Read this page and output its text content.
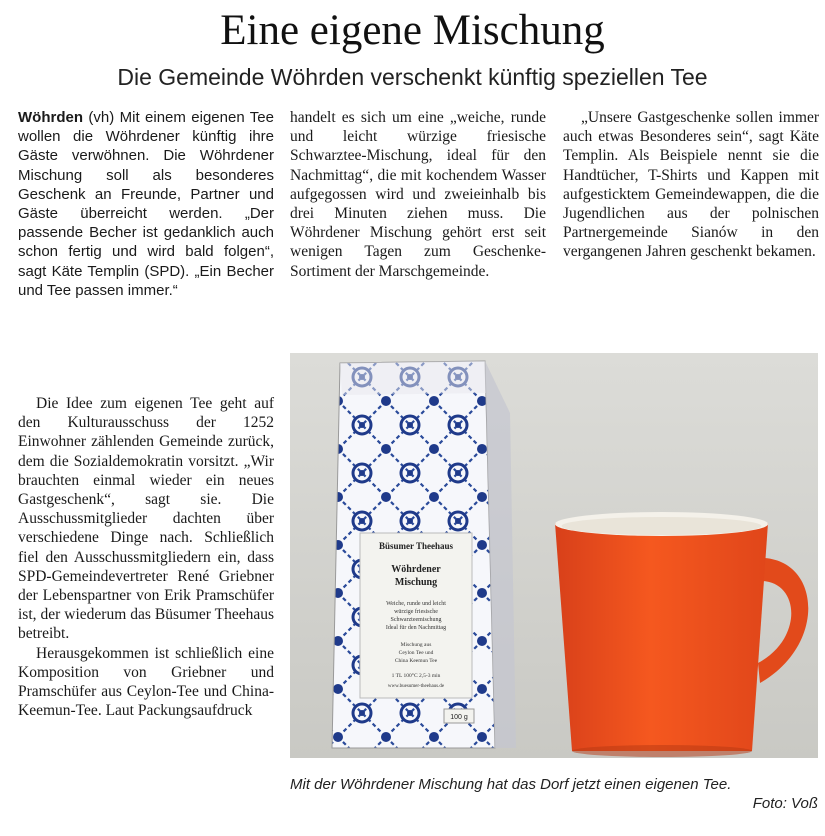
Eine eigene Mischung
Die Gemeinde Wöhrden verschenkt künftig speziellen Tee

Wöhrden (vh) Mit einem eigenen Tee wollen die Wöhrdener künftig ihre Gäste verwöhnen. Die Wöhrdener Mischung soll als besonderes Geschenk an Freunde, Partner und Gäste überreicht werden. „Der passende Becher ist gedanklich auch schon fertig und wird bald folgen“, sagt Käte Templin (SPD). „Ein Becher und Tee passen immer.“

Die Idee zum eigenen Tee geht auf den Kulturausschuss der 1252 Einwohner zählenden Gemeinde zurück, dem die Sozialdemokratin vorsitzt. „Wir brauchten einmal wieder ein neues Gastgeschenk“, sagt sie. Die Ausschussmitglieder dachten über verschiedene Dinge nach. Schließlich fiel den Ausschussmitgliedern ein, dass SPD-Gemeindevertreter René Griebner der Lebenspartner von Erik Pramschüfer ist, der wiederum das Büsumer Theehaus betreibt.

Herausgekommen ist schließlich eine Komposition von Griebner und Pramschüfer aus Ceylon-Tee und China-Keemun-Tee. Laut Packungsaufdruck

handelt es sich um eine „weiche, runde und leicht würzige friesische Schwarztee-Mischung, ideal für den Nachmittag“, die mit kochendem Wasser aufgegossen wird und zweieinhalb bis drei Minuten ziehen muss. Die Wöhrdener Mischung gehört erst seit wenigen Tagen zum Geschenke-Sortiment der Marschgemeinde.

„Unsere Gastgeschenke sollen immer auch etwas Besonderes sein“, sagt Käte Templin. Als Beispiele nennt sie die Handtücher, T-Shirts und Kappen mit aufgesticktem Gemeindewappen, die die Jugendlichen aus der polnischen Partnergemeinde Sianów in den vergangenen Jahren geschenkt bekamen.

Büsumer Theehaus
Wöhrdener
Mischung
Weiche, runde und leicht
würzige friesische
Schwarzteemischung
Ideal für den Nachmittag
Mischung aus
Ceylon Tee und
China Keemun Tee
1 TL 100°C 2,5-3 min
www.buesumer-theehaus.de
100 g
Mit der Wöhrdener Mischung hat das Dorf jetzt einen eigenen Tee.
Foto: Voß
